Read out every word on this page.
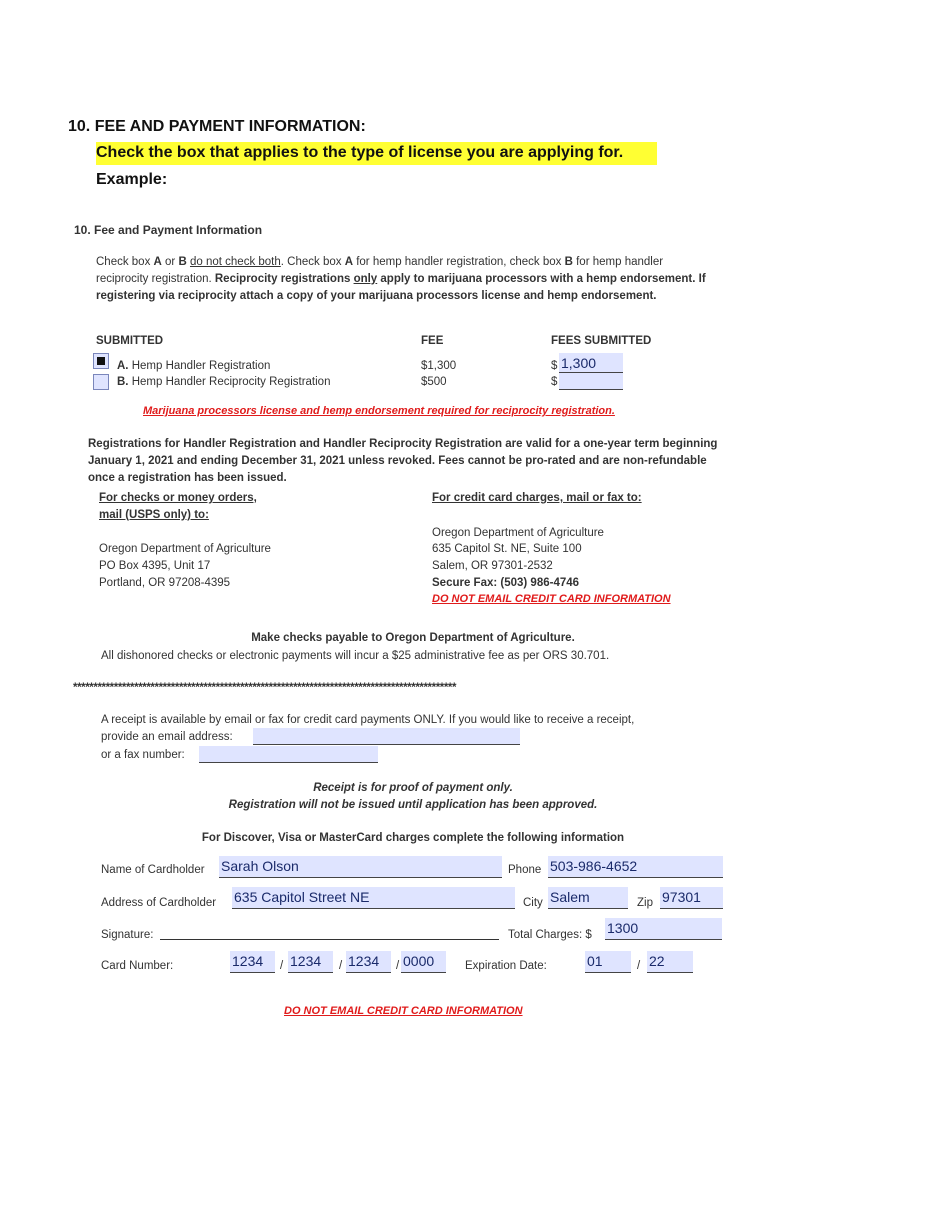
10. FEE AND PAYMENT INFORMATION:
Check the box that applies to the type of license you are applying for.
Example:
10. Fee and Payment Information
Check box A or B do not check both. Check box A for hemp handler registration, check box B for hemp handler reciprocity registration. Reciprocity registrations only apply to marijuana processors with a hemp endorsement. If registering via reciprocity attach a copy of your marijuana processors license and hemp endorsement.
SUBMITTED	FEE	FEES SUBMITTED
A. Hemp Handler Registration	$1,300	$ 1,300
B. Hemp Handler Reciprocity Registration	$500	$
Marijuana processors license and hemp endorsement required for reciprocity registration.
Registrations for Handler Registration and Handler Reciprocity Registration are valid for a one-year term beginning January 1, 2021 and ending December 31, 2021 unless revoked. Fees cannot be pro-rated and are non-refundable once a registration has been issued.
For checks or money orders,
mail (USPS only) to:
Oregon Department of Agriculture
PO Box 4395, Unit 17
Portland, OR 97208-4395
For credit card charges, mail or fax to:
Oregon Department of Agriculture
635 Capitol St. NE, Suite 100
Salem, OR 97301-2532
Secure Fax: (503) 986-4746
DO NOT EMAIL CREDIT CARD INFORMATION
Make checks payable to Oregon Department of Agriculture.
All dishonored checks or electronic payments will incur a $25 administrative fee as per ORS 30.701.
**********************************************************************************************
A receipt is available by email or fax for credit card payments ONLY. If you would like to receive a receipt,
provide an email address:
or a fax number:
Receipt is for proof of payment only.
Registration will not be issued until application has been approved.
For Discover, Visa or MasterCard charges complete the following information
Name of Cardholder Sarah Olson	Phone 503-986-4652
Address of Cardholder 635 Capitol Street NE	City Salem	Zip 97301
Signature:	Total Charges: $ 1300
Card Number:	1234	/ 1234	/ 1234	/ 0000	Expiration Date:	01	/ 22
DO NOT EMAIL CREDIT CARD INFORMATION
